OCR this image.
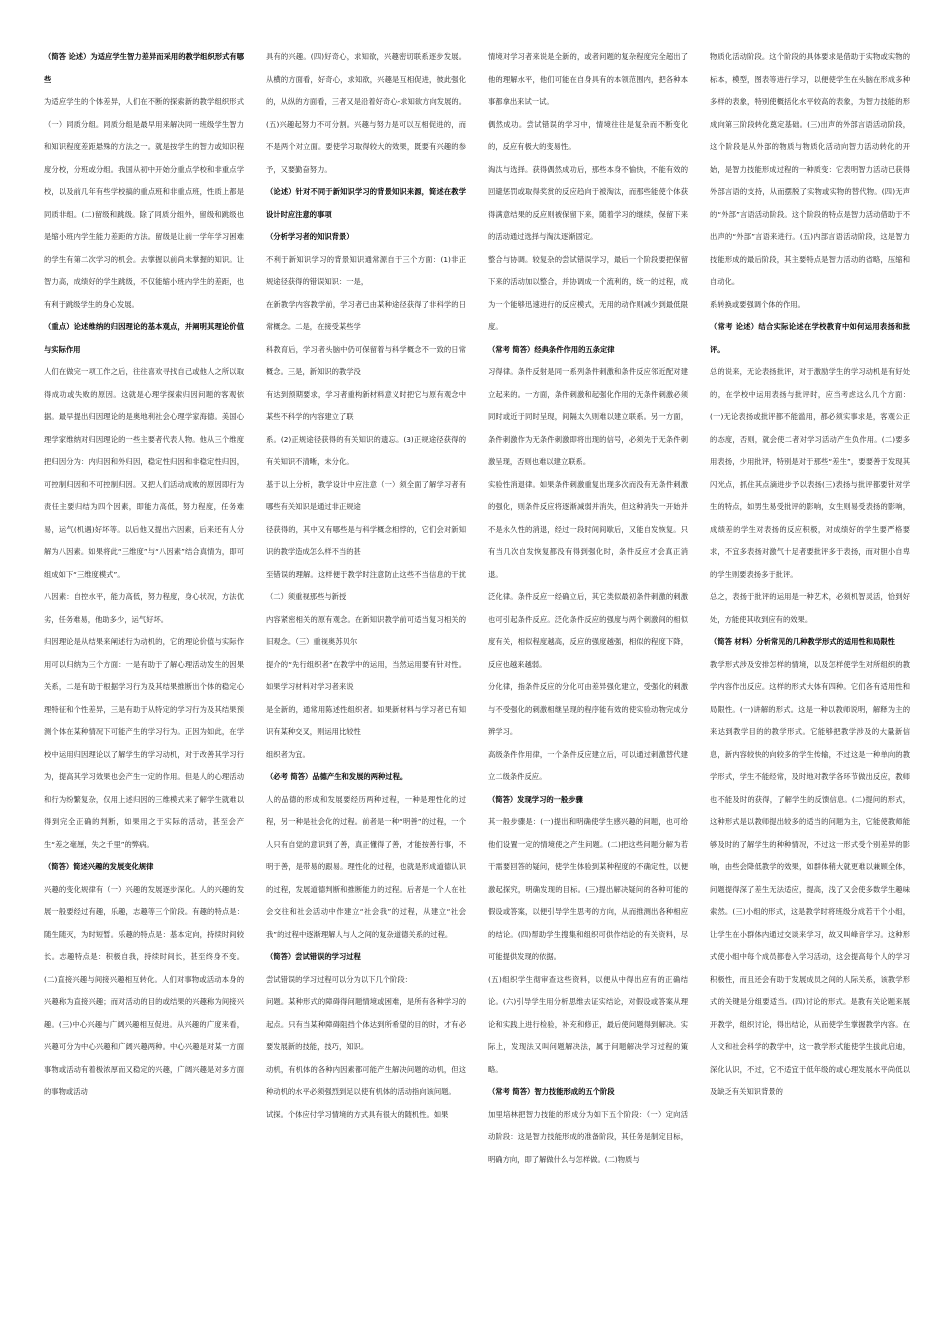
（简答 论述）为适应学生智力差异而采用的教学组织形式有哪些

为适应学生的个体差异，人们在不断的探索新的教学组织形式（一）同质分组。同质分组是最早用来解决同一班级学生智力和知识程度差距悬殊的方法之一。就是按学生的智力或知识程度分校，分班或分组。我国从初中开始分重点学校和非重点学校，以及前几年有些学校搞的重点班和非重点班，性质上都是同质非组。(二)留级和跳级。除了同质分组外，留级和跳级也是缩小班内学生能力差距的方法。留级是让前一学年学习困难的学生有第二次学习的机会。去掌握以前尚未掌握的知识。让智力高，成绩好的学生跳级，不仅能缩小班内学生的差距，也有利于跳级学生的身心发展。

（重点）论述维纳的归因理论的基本观点，并阐明其理论价值与实际作用

人们在做完一项工作之后，往往喜欢寻找自己或他人之所以取得成功或失败的原因。这就是心理学探索归因问题的客观依据。最早提出归因理论的是奥地利社会心理学家海德。美国心理学家维纳对归因理论的一些主要者代表人物。他从三个维度把归因分为：内归因和外归因，稳定性归因和非稳定性归因，可控制归因和不可控制归因。又把人们活动成败的原因即行为责任主要归结为四个因素，即能力高低，努力程度，任务难易，运气(机遇)好坏等。以后他又提出六因素，后来还有人分解为八因素。如果将此“三维度”与“八因素”结合真情为，即可组成如下“三维度模式”。

八因素：自控水平，能力高低，努力程度，身心状况，方法优劣，任务难易，他助多少，运气好坏。

归因理论是从结果来阐述行为动机的，它的理论价值与实际作用可以归纳为三个方面：一是有助于了解心理活动发生的因果关系，二是有助于根据学习行为及其结果推断出个体的稳定心理特征和个性差异，三是有助于从特定的学习行为及其结果预测个体在某种情况下可能产生的学习行为。正因为如此，在学校中运用归因理论以了解学生的学习动机，对于改善其学习行为，提高其学习效果也会产生一定的作用。但是人的心理活动和行为纷繁复杂，仅用上述归因的三维模式来了解学生就难以得到完全正确的判断，如果用之于实际的活动，甚至会产生“差之毫厘，失之千里”的弊病。

（简答）简述兴趣的发展变化规律

兴趣的变化规律有（一）兴趣的发展逐步深化。人的兴趣的发展一般要经过有趣，乐趣，志趣等三个阶段。有趣的特点是：随生随灭，为时短暂。乐趣的特点是：基本定向，持续时间较长。志趣特点是：积极自我，持续时间长，甚至终身不变。(二)直接兴趣与间接兴趣相互转化。人们对事物或活动本身的兴趣称为直接兴趣；而对活动的目的或结果的兴趣称为间接兴趣。(三)中心兴趣与广阔兴趣相互促进。从兴趣的广度来看，兴趣可分为中心兴趣和广阔兴趣两种。中心兴趣是对某一方面事物或活动有着极浓厚而又稳定的兴趣，广阔兴趣是对多方面的事物或活动

具有的兴趣。(四)好奇心，求知欲，兴趣密切联系逐步发展。从横的方面看，好奇心，求知欲，兴趣是互相促进，彼此强化的，从纵的方面看，三者又是沿着好奇心-求知欲方向发展的。(五)兴趣起努力不可分割。兴趣与努力是可以互相促进的，而不是两个对立面。要使学习取得较大的效果，既要有兴趣的参予，又要勤奋努力。

（论述）针对不同于新知识学习的背景知识来源，简述在教学设计时应注意的事项

（分析学习者的知识背景）

不利于新知识学习的背景知识通常源自于三个方面：(1)非正规途径获得的错误知识：一是，

在新教学内容教学前，学习者已由某种途径获得了非科学的日常概念。二是，在接受某些学

科教育后，学习者头脑中仍可保留着与科学概念不一致的日常概念。三是，新知识的教学没

有达到预期要求，学习者重构新材料意义时把它与原有观念中某些不科学的内容建立了联

系。(2)正规途径获得的有关知识的遗忘。(3)正规途径获得的有关知识不清晰，未分化。

基于以上分析，教学设计中应注意（一）须全面了解学习者有哪些有关知识是通过非正规途

径获得的，其中又有哪些是与科学概念相悖的，它们会对新知识的教学造成怎么样不当的甚

至错误的理解。这样便于教学时注意防止这些不当信息的干扰（二）须重视那些与新授

内容紧密相关的原有观念。在新知识教学前可适当复习相关的旧观念。（三）重视奥苏贝尔

提介的“先行组织者”在教学中的运用，当然运用要有针对性。如果学习材料对学习者来说

是全新的，通常用陈述性组织者。如果新材料与学习者已有知识有某种交叉，则运用比较性

组织者为宜。

（必考 简答）品德产生和发展的两种过程。

人的品德的形成和发展要经历两种过程，一种是理性化的过程，另一种是社会化的过程。前者是一种“明善”的过程，一个人只有自觉的意识到了善，真正懂得了善，才能按善行事，不明于善，是带易的跟易。理性化的过程，也就是形成道德认识的过程，发展道德判断和推断能力的过程。后者是一个人在社会交往和社会活动中作建立“社会我”的过程，从建立“社会我”的过程中逐渐理解人与人之间的复杂道德关系的过程。

（简答）尝试错误的学习过程

尝试错误的学习过程可以分为以下几个阶段：

问题。某种形式的障碍得问题情境或困难，是所有各种学习的起点。只有当某种障碍阻挡个体达到所希望的目的时，才有必要发展新的技能，技巧，知识。

动机，有机体的各种内因素都可能产生解决问题的动机，但这种动机的水平必须强烈到足以使有机体的活动指向该问题。

试探。个体应付学习情境的方式具有很大的随机性。如果

情境对学习者来说是全新的，或者问题的复杂程度完全超出了他的理解水平，他们可能在自身具有的本领范围内，把各种本事都拿出来试一试。

偶然成功。尝试错误的学习中，情境往往是复杂而不断变化的，反应有极大的变易性。

淘汰与选择。获得偶然成功后，那些本身不愉快，不能有效的回避惩罚或取得奖赏的反应趋向于被淘汰，而那些能使个体获得满意结果的反应则被保留下来，随着学习的继续，保留下来的活动通过选择与淘汰逐渐固定。

整合与协调。较复杂的尝试错误学习，最后一个阶段要把保留下来的活动加以整合，并协调成一个流利的，统一的过程，成为一个能够迅速进行的反应模式，无用的动作则减少到最低限度。

（常考 简答）经典条件作用的五条定律

习得律。条件反射是同一系列条件刺激和条件反应邻近配对建立起来的。一方面，条件刺激和起强化作用的无条件刺激必须同时或近于同时呈现，间隔太久则难以建立联系。另一方面，条件刺激作为无条件刺激即将出现的信号，必须先于无条件刺激呈现，否则也难以建立联系。

实验性消退律。如果条件刺激重复出现多次而没有无条件刺激的强化，则条件反应将逐渐减弱并消失，但这种消失一开始并不是永久性的消退，经过一段时间间歇后，又能自发恢复。只有当几次自发恢复都没有得到强化时，条件反应才会真正消退。

泛化律。条件反应一经确立后，其它类似最初条件刺激的刺激也可引起条件反应。泛化条件反应的强度与两个刺激间的相似度有关，相似程度越高，反应的强度越强，相似的程度下降，反应也越来越弱。

分化律，指条件反应的分化可由差异强化建立，受强化的刺激与不受强化的刺激相继呈现的程序能有效的使实验动物完成分辨学习。

高级条件作用律，一个条件反应建立后，可以通过刺激替代建立二级条件反应。

（简答）发现学习的一般步骤

其一般步骤是：(一)提出和明确使学生感兴趣的问题，也可给他们设置一定的情境使之产生问题。(二)把这些问题分解为若干需要回答的疑问，使学生体验到某种程度的不确定性，以便激起探究，明确发现的目标。(三)提出解决疑问的各种可能的假设或答案，以便引导学生思考的方向，从而推测出各种相应的结论。(四)帮助学生搜集和组织可供作结论的有关资料，尽可能提供发现的依据。

(五)组织学生彻审查这些资料，以便从中得出应有的正确结论。(六)引导学生用分析思维去证实结论，对假设或答案从理论和实践上进行检验，补充和修正，最后使问题得到解决。实际上，发现法又叫问题解决法，属于问题解决学习过程的策略。

（常考 简答）智力技能形成的五个阶段

加里培林把智力技能的形成分为如下五个阶段：（一）定向活动阶段：这是智力技能形成的准备阶段，其任务是制定目标，明确方向，即了解做什么与怎样做。(二)物质与

物质化活动阶段。这个阶段的具体要求是借助于实物或实物的标本，模型，图表等进行学习，以便使学生在头脑在形成多种多样的表象，特别使概括化水平较高的表象，为智力技能的形成向第三阶段转化奠定基础。(三)出声的外部言语活动阶段，这个阶段是从外部的物质与物质化活动向智力活动转化的开始，是智力技能形成过程的一种质变：它表明智力活动已获得外部言语的支持，从而摆脱了实物或实物的替代物。(四)无声的“外部”言语活动阶段。这个阶段的特点是智力活动借助于不出声的“外部”言语来进行。(五)内部言语活动阶段，这是智力技能形成的最后阶段，其主要特点是智力活动的省略，压缩和自动化。

系转换或要强调个体的作用。

（常考 论述）结合实际论述在学校教育中如何运用表扬和批评。

总的说来，无论表扬批评，对于激励学生的学习动机是有好处的，在学校中运用表扬与批评时，应当考虑这么几个方面：(一)无论表扬或批评都不能滥用，都必须实事求是，客观公正的态度，否则，就会使二者对学习活动产生负作用。(二)要多用表扬，少用批评，特别是对于那些“差生”，要要善于发现其闪光点，抓住其点滴进步予以表扬(三)表扬与批评都要针对学生的特点，如男生易受批评的影响，女生则易受表扬的影响，成绩差的学生对表扬的反应积极，对成绩好的学生要严格要求，不宜多表扬对激气十足者要批评多于表扬，而对胆小自卑的学生则要表扬多于批评。

总之，表扬于批评的运用是一种艺术，必须机智灵活，恰到好处，方能使其收到应有的效果。

（简答 材料）分析常见的几种教学形式的适用性和局限性

教学形式涉及安排怎样的情境，以及怎样使学生对所组织的教学内容作出反应。这样的形式大体有四种。它们各有适用性和局限性。(一)讲解的形式。这是一种以教师说明，解释为主的来达到教学目的的教学形式。它能够把教学涉及的大量新信息，新内容较快的向较多的学生传输，不过这是一种单向的教学形式，学生不能经常，及时地对教学各环节做出反应，教师也不能及时的获得，了解学生的反馈信息。(二)提问的形式，这种形式是以教师提出较多的适当的问题为主，它能使教师能够及时的了解学生的种种情况，不过这一形式受个别差异的影响，由些会降低教学的效果，如群体稍大就更难以兼顾全体，问题提得深了差生无法适应，提高，浅了又会使多数学生趣味索然。(三)小组的形式，这是教学时将班级分成若干个小组，让学生在小群体内通过交谈来学习，故又叫峰音学习。这种形式使小组中每个成员都卷入学习活动，这会提高每个人的学习积极性，而且还会有助于发展成员之间的人际关系，该教学形式的关键是分组要适当。(四)讨论的形式。是教有关论题来展开教学，组织讨论，得出结论，从而使学生掌握教学内容。在人文和社会科学的教学中，这一教学形式能使学生拔此启迪，深化认识，不过，它不适宜于低年级的或心理发展水平尚低以及缺乏有关知识背景的
